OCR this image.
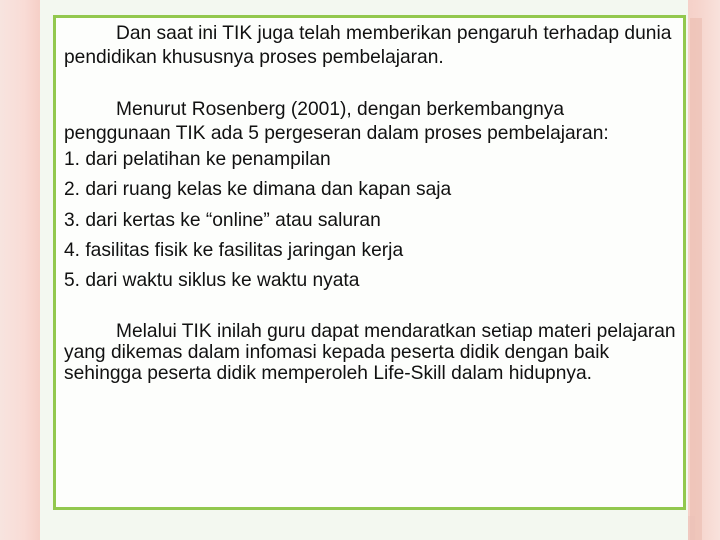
Dan saat ini TIK juga telah memberikan pengaruh terhadap dunia pendidikan khususnya proses pembelajaran.

Menurut Rosenberg (2001), dengan berkembangnya penggunaan TIK ada 5 pergeseran dalam proses pembelajaran:

1. dari pelatihan ke penampilan
2. dari ruang kelas ke dimana dan kapan saja
3. dari kertas ke “online” atau saluran
4. fasilitas fisik ke fasilitas jaringan kerja
5. dari waktu siklus ke waktu nyata

Melalui TIK inilah guru dapat mendaratkan setiap materi pelajaran yang dikemas dalam infomasi kepada peserta didik dengan baik sehingga peserta didik memperoleh Life-Skill dalam hidupnya.
